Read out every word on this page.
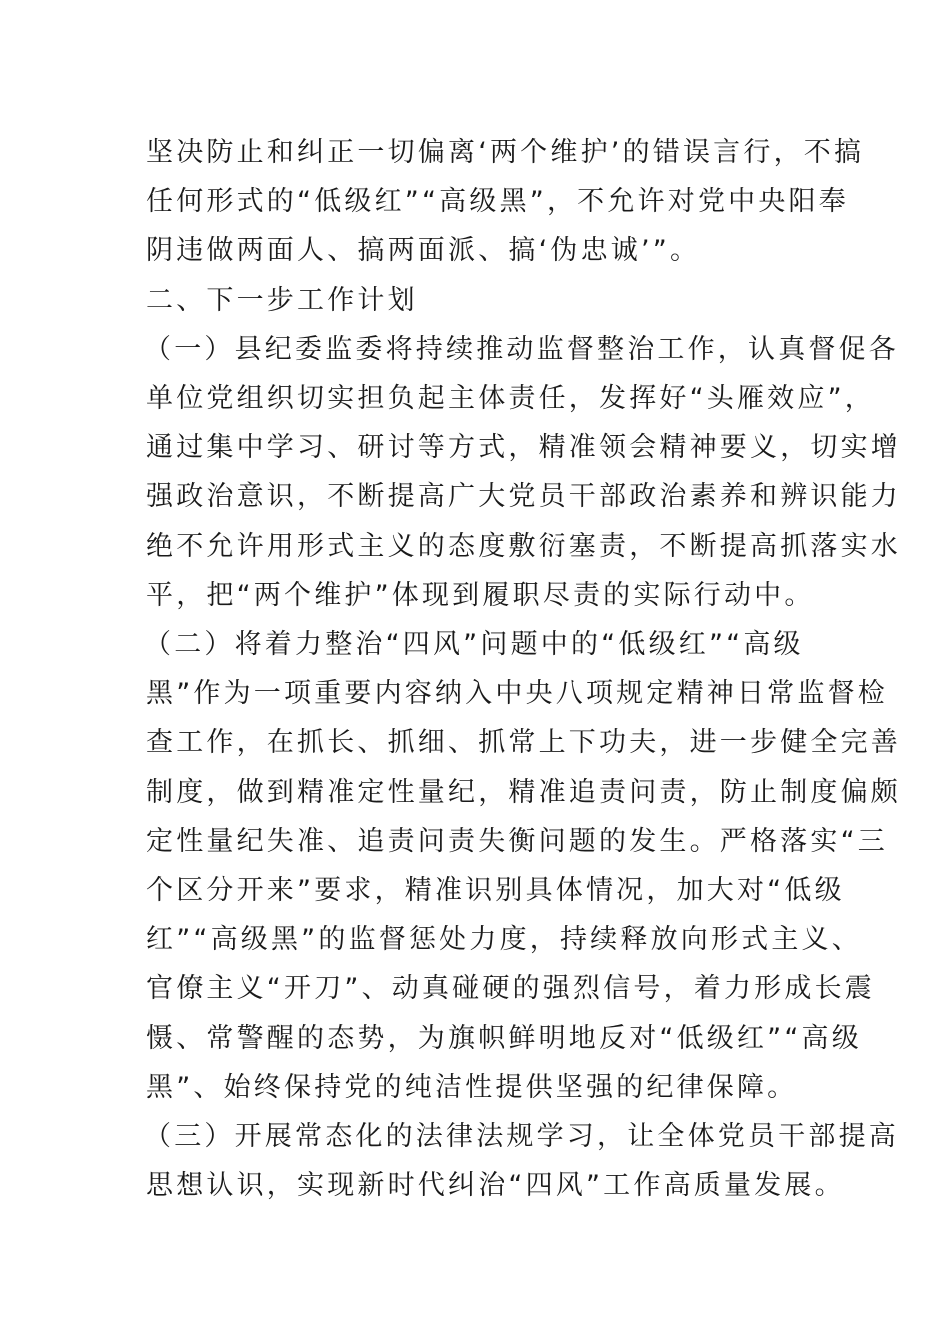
坚决防止和纠正一切偏离‘两个维护’的错误言行，不搞

任何形式的“低级红”“高级黑”，不允许对党中央阳奉

阴违做两面人、搞两面派、搞‘伪忠诚’”。

二、下一步工作计划

（一）县纪委监委将持续推动监督整治工作，认真督促各

单位党组织切实担负起主体责任，发挥好“头雁效应”，

通过集中学习、研讨等方式，精准领会精神要义，切实增

强政治意识，不断提高广大党员干部政治素养和辨识能力

绝不允许用形式主义的态度敷衍塞责，不断提高抓落实水

平，把“两个维护”体现到履职尽责的实际行动中。

（二）将着力整治“四风”问题中的“低级红”“高级

黑”作为一项重要内容纳入中央八项规定精神日常监督检

查工作，在抓长、抓细、抓常上下功夫，进一步健全完善

制度，做到精准定性量纪，精准追责问责，防止制度偏颇

定性量纪失准、追责问责失衡问题的发生。严格落实“三

个区分开来”要求，精准识别具体情况，加大对“低级

红”“高级黑”的监督惩处力度，持续释放向形式主义、

官僚主义“开刀”、动真碰硬的强烈信号，着力形成长震

慑、常警醒的态势，为旗帜鲜明地反对“低级红”“高级

黑”、始终保持党的纯洁性提供坚强的纪律保障。

（三）开展常态化的法律法规学习，让全体党员干部提高

思想认识，实现新时代纠治“四风”工作高质量发展。
